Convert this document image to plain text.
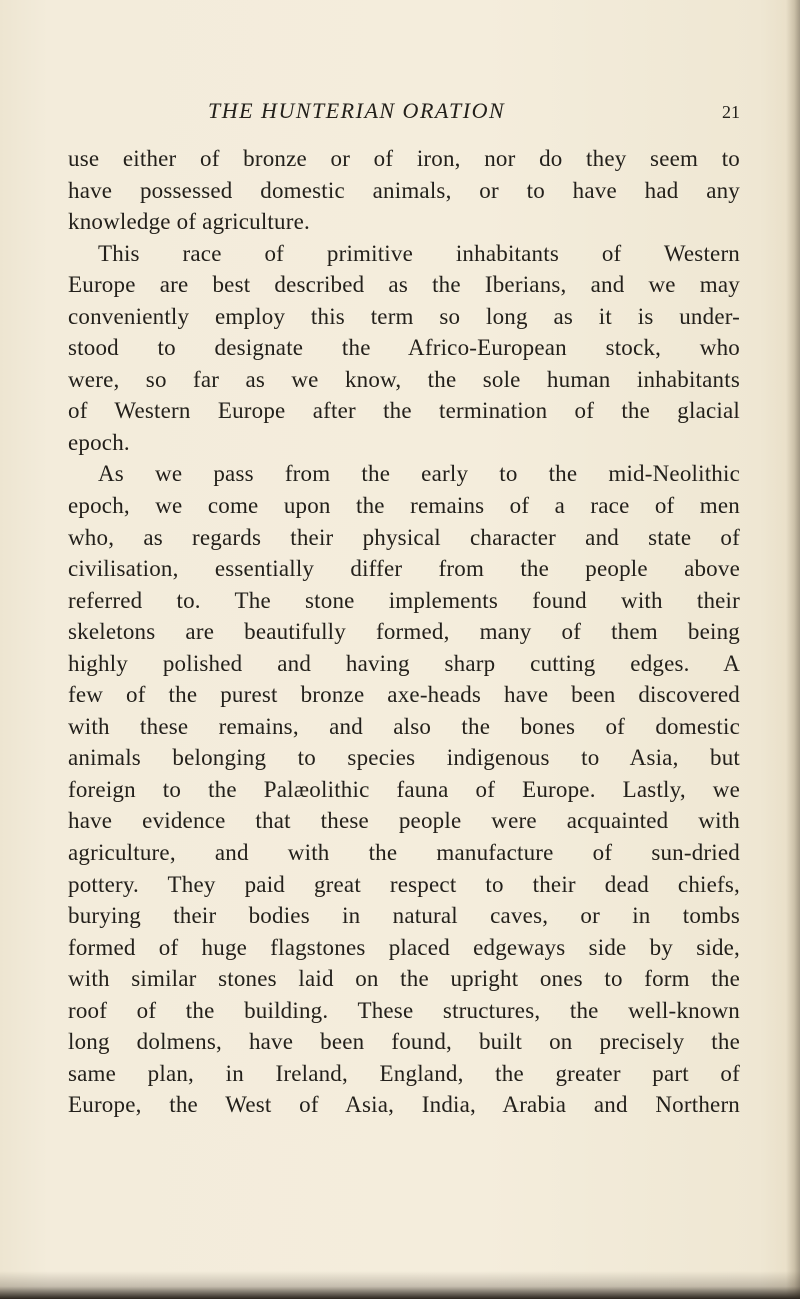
THE HUNTERIAN ORATION	21
use either of bronze or of iron, nor do they seem to
have possessed domestic animals, or to have had any
knowledge of agriculture.
This race of primitive inhabitants of Western
Europe are best described as the Iberians, and we may
conveniently employ this term so long as it is under-
stood to designate the Africo-European stock, who
were, so far as we know, the sole human inhabitants
of Western Europe after the termination of the glacial
epoch.
As we pass from the early to the mid-Neolithic
epoch, we come upon the remains of a race of men
who, as regards their physical character and state of
civilisation, essentially differ from the people above
referred to. The stone implements found with their
skeletons are beautifully formed, many of them being
highly polished and having sharp cutting edges. A
few of the purest bronze axe-heads have been discovered
with these remains, and also the bones of domestic
animals belonging to species indigenous to Asia, but
foreign to the Palæolithic fauna of Europe. Lastly, we
have evidence that these people were acquainted with
agriculture, and with the manufacture of sun-dried
pottery. They paid great respect to their dead chiefs,
burying their bodies in natural caves, or in tombs
formed of huge flagstones placed edgeways side by side,
with similar stones laid on the upright ones to form the
roof of the building. These structures, the well-known
long dolmens, have been found, built on precisely the
same plan, in Ireland, England, the greater part of
Europe, the West of Asia, India, Arabia and Northern
